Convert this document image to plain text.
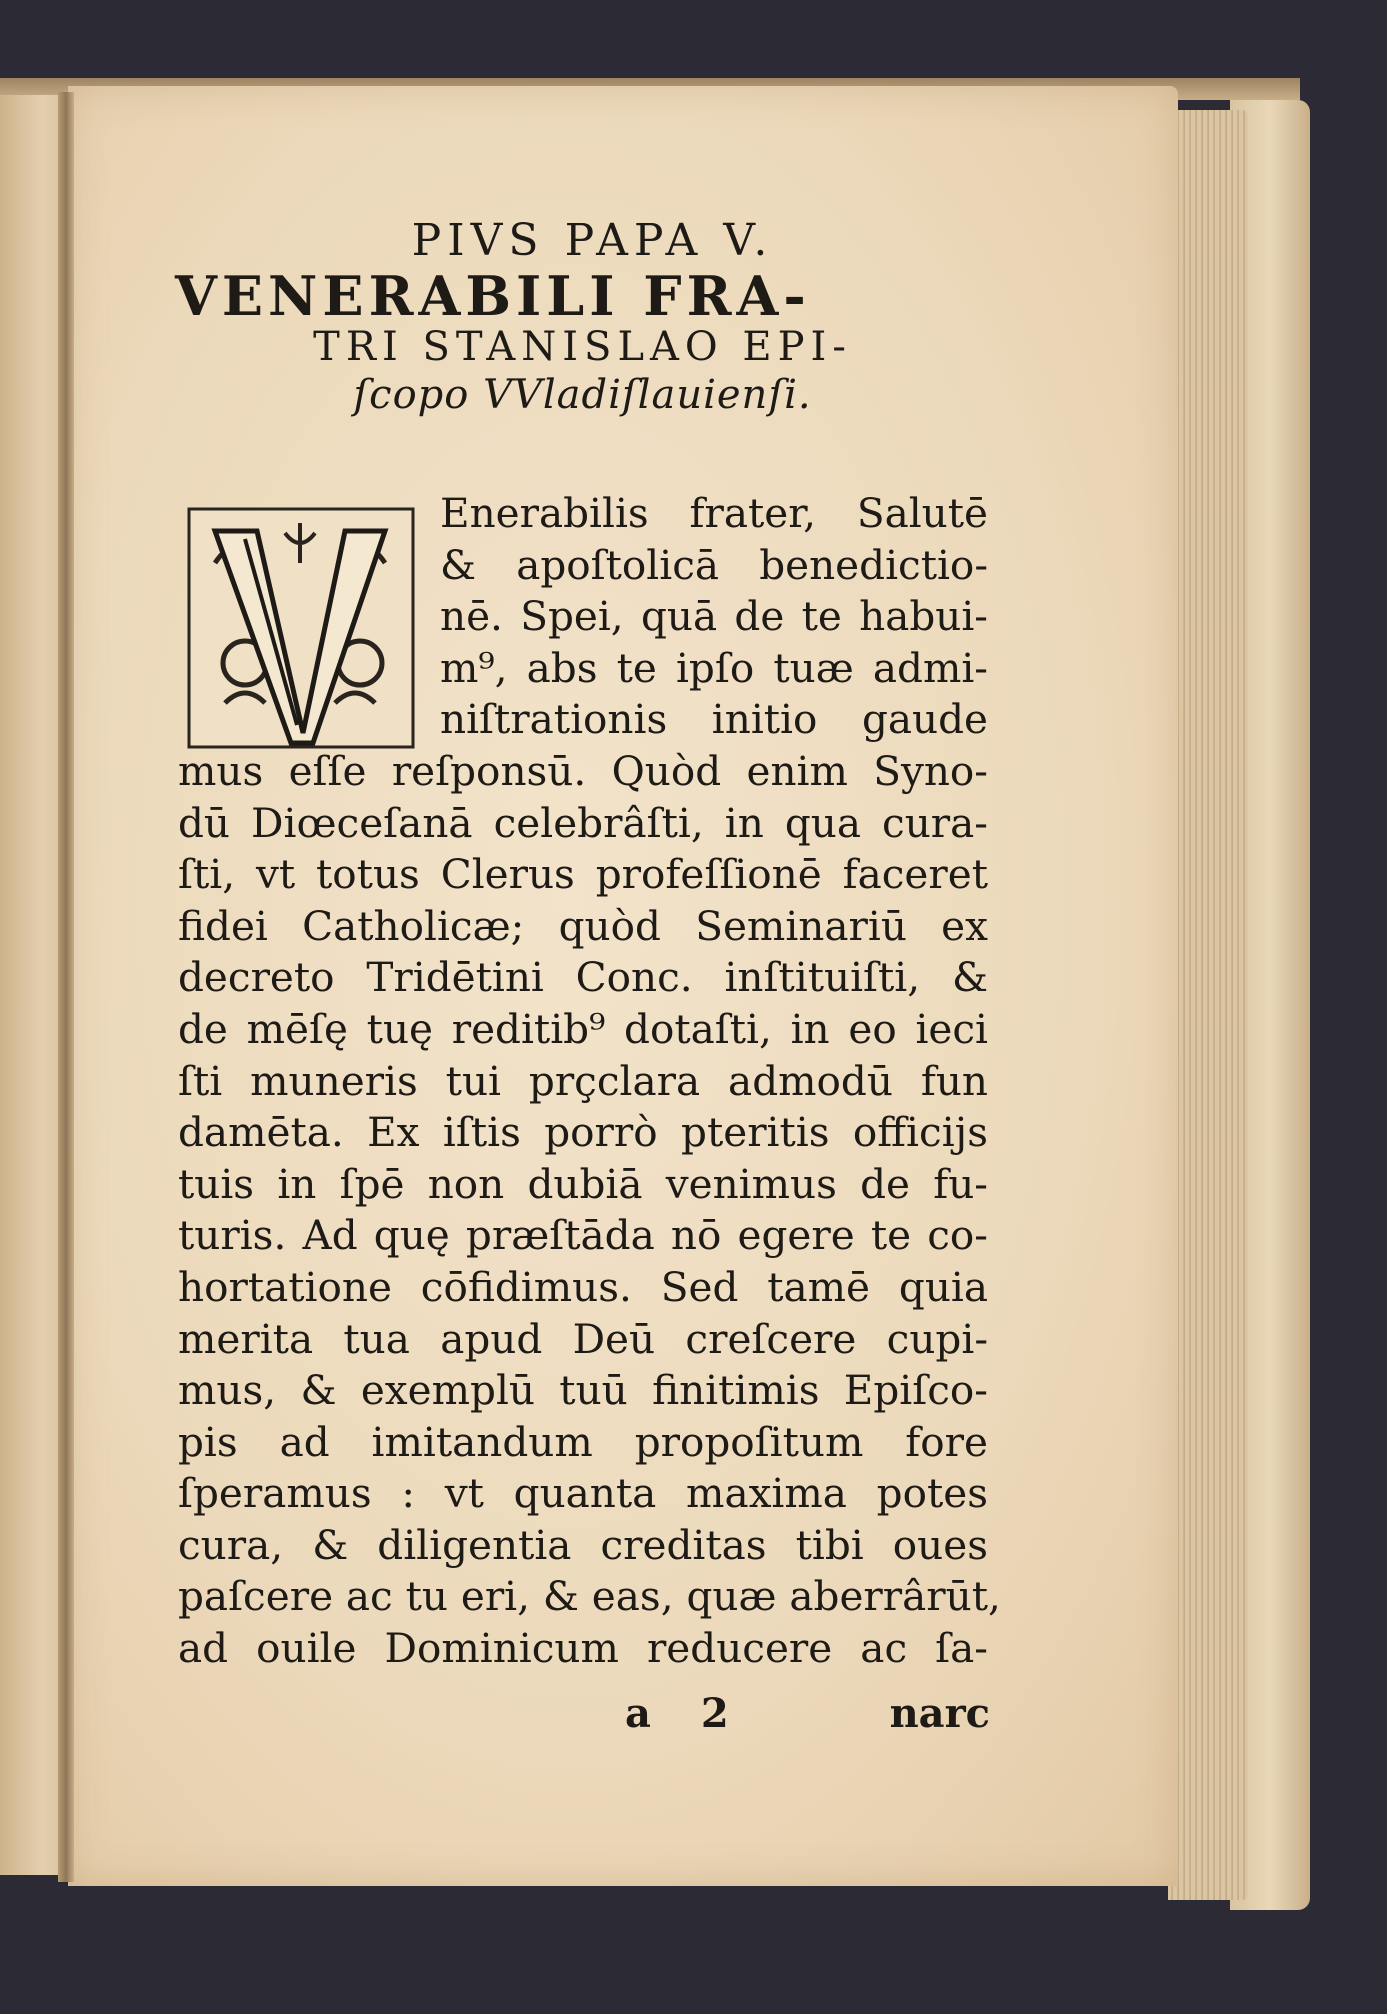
PIVS PAPA V.

VENERABILI FRA-

TRI STANISLAO EPI-

ſcopo VVladiſlauienſi.

Enerabilis frater, Salutē
& apoſtolicā benedictio-
nē. Spei, quā de te habui-
m⁹, abs te ipſo tuæ admi-
niſtrationis initio gaude
mus eſſe reſponsū. Quòd enim Syno-
dū Diœceſanā celebrâſti, in qua cura-
ſti, vt totus Clerus profeſſionē faceret
fidei Catholicæ; quòd Seminariū ex
decreto Tridētini Conc. inſtituiſti, &
de mēſę tuę reditib⁹ dotaſti, in eo ieci
ſti muneris tui prçclara admodū fun
damēta. Ex iſtis porrò pteritis officijs
tuis in ſpē non dubiā venimus de fu-
turis. Ad quę præſtāda nō egere te co-
hortatione cōfidimus. Sed tamē quia
merita tua apud Deū creſcere cupi-
mus, & exemplū tuū finitimis Epiſco-
pis ad imitandum propoſitum fore
ſperamus : vt quanta maxima potes
cura, & diligentia creditas tibi oues
paſcere ac tu eri, & eas, quæ aberrârūt,
ad ouile Dominicum reducere ac ſa-
a 2	narc
